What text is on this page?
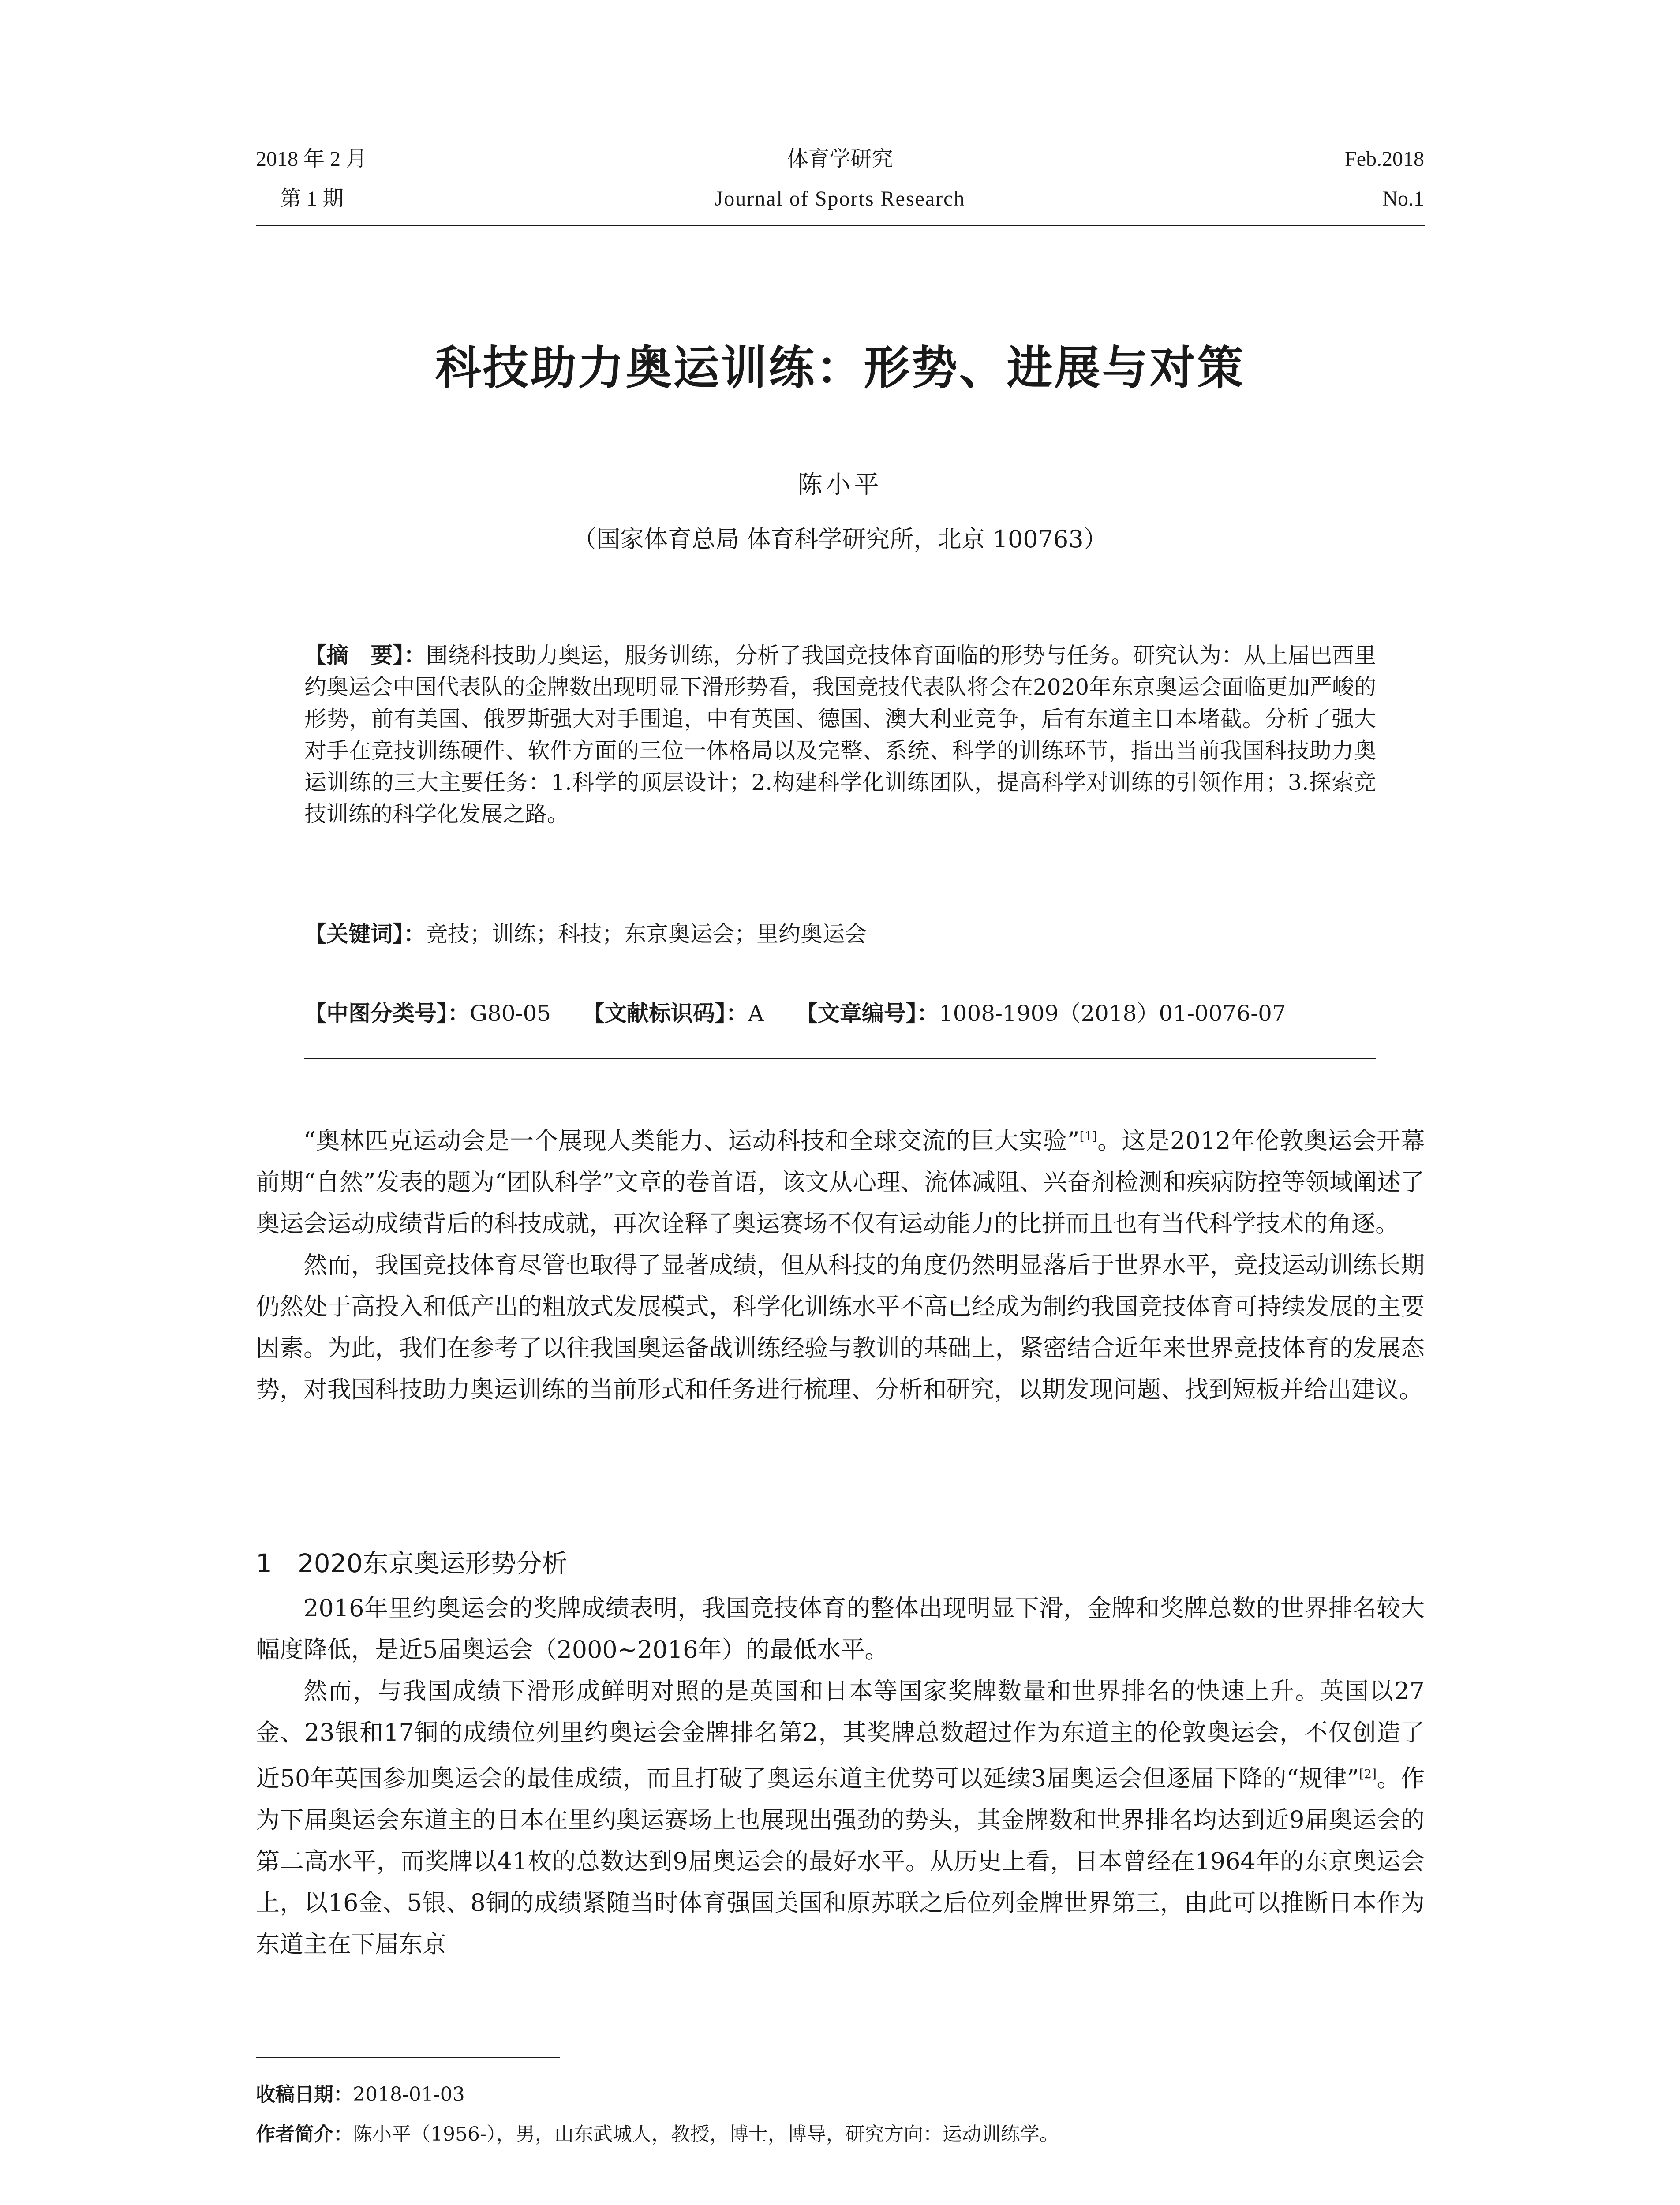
2018 年 2 月
第 1 期
体育学研究
Journal of Sports Research
Feb.2018
No.1
科技助力奥运训练：形势、进展与对策
陈小平
（国家体育总局 体育科学研究所，北京 100763）
【摘　要】：围绕科技助力奥运，服务训练，分析了我国竞技体育面临的形势与任务。研究认为：从上届巴西里约奥运会中国代表队的金牌数出现明显下滑形势看，我国竞技代表队将会在2020年东京奥运会面临更加严峻的形势，前有美国、俄罗斯强大对手围追，中有英国、德国、澳大利亚竞争，后有东道主日本堵截。分析了强大对手在竞技训练硬件、软件方面的三位一体格局以及完整、系统、科学的训练环节，指出当前我国科技助力奥运训练的三大主要任务：1.科学的顶层设计；2.构建科学化训练团队，提高科学对训练的引领作用；3.探索竞技训练的科学化发展之路。
【关键词】：竞技；训练；科技；东京奥运会；里约奥运会
【中图分类号】：G80-05 【文献标识码】：A 【文章编号】：1008-1909（2018）01-0076-07

“奥林匹克运动会是一个展现人类能力、运动科技和全球交流的巨大实验”[1]。这是2012年伦敦奥运会开幕前期“自然”发表的题为“团队科学”文章的卷首语，该文从心理、流体减阻、兴奋剂检测和疾病防控等领域阐述了奥运会运动成绩背后的科技成就，再次诠释了奥运赛场不仅有运动能力的比拼而且也有当代科学技术的角逐。

然而，我国竞技体育尽管也取得了显著成绩，但从科技的角度仍然明显落后于世界水平，竞技运动训练长期仍然处于高投入和低产出的粗放式发展模式，科学化训练水平不高已经成为制约我国竞技体育可持续发展的主要因素。为此，我们在参考了以往我国奥运备战训练经验与教训的基础上，紧密结合近年来世界竞技体育的发展态势，对我国科技助力奥运训练的当前形式和任务进行梳理、分析和研究，以期发现问题、找到短板并给出建议。

1　2020东京奥运形势分析

2016年里约奥运会的奖牌成绩表明，我国竞技体育的整体出现明显下滑，金牌和奖牌总数的世界排名较大幅度降低，是近5届奥运会（2000~2016年）的最低水平。

然而，与我国成绩下滑形成鲜明对照的是英国和日本等国家奖牌数量和世界排名的快速上升。英国以27金、23银和17铜的成绩位列里约奥运会金牌排名第2，其奖牌总数超过作为东道主的伦敦奥运会，不仅创造了近50年英国参加奥运会的最佳成绩，而且打破了奥运东道主优势可以延续3届奥运会但逐届下降的“规律”[2]。作为下届奥运会东道主的日本在里约奥运赛场上也展现出强劲的势头，其金牌数和世界排名均达到近9届奥运会的第二高水平，而奖牌以41枚的总数达到9届奥运会的最好水平。从历史上看，日本曾经在1964年的东京奥运会上，以16金、5银、8铜的成绩紧随当时体育强国美国和原苏联之后位列金牌世界第三，由此可以推断日本作为东道主在下届东京

收稿日期：2018-01-03
作者简介：陈小平（1956-），男，山东武城人，教授，博士，博导，研究方向：运动训练学。
